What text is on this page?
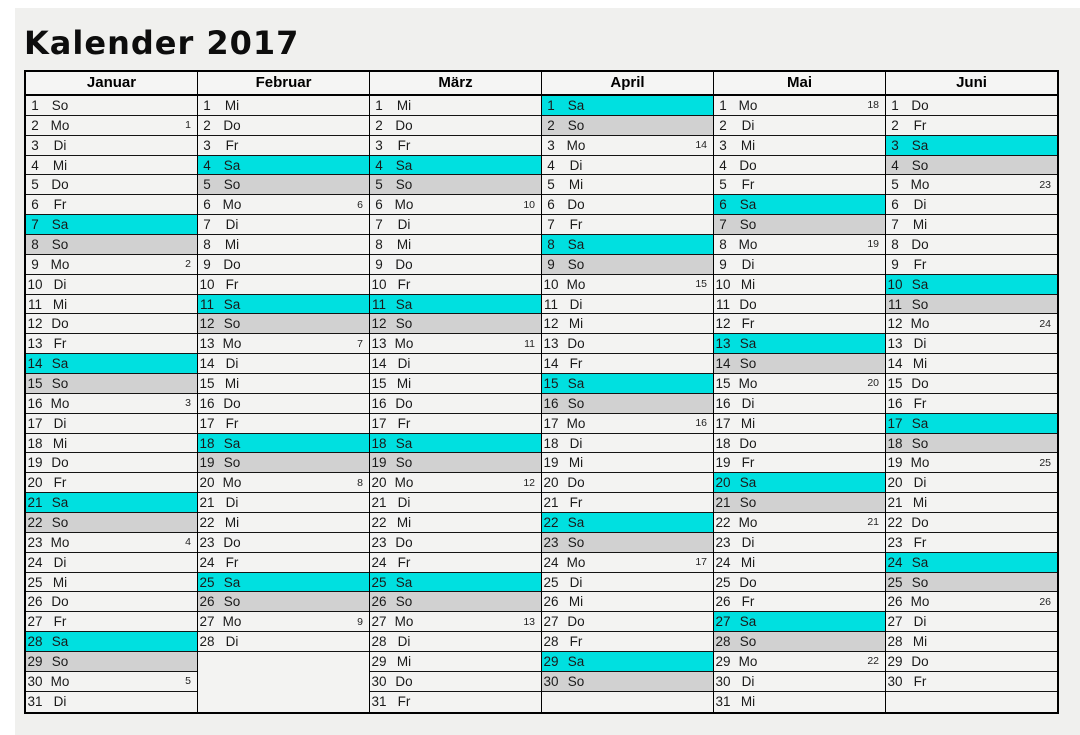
Kalender 2017
Januar
1 So
2 Mo	1
3	Di
4	Mi
5 Do
6	Fr
7 Sa
8 So
9 Mo	2
10 Di
11 Mi
12 Do
13 Fr
14 Sa
15 So
16 Mo	3
17 Di
18 Mi
19 Do
20 Fr
21 Sa
22 So
23 Mo	4
24 Di
25 Mi
26 Do
27 Fr
28 Sa
29 So
30 Mo	5
31 Di
Februar
1	Mi
2 Do
3	Fr
4 Sa
5 So
6 Mo	6
7	Di
8	Mi
9 Do
10 Fr
11 Sa
12 So
13 Mo	7
14 Di
15 Mi
16 Do
17 Fr
18 Sa
19 So
20 Mo	8
21 Di
22 Mi
23 Do
24 Fr
25 Sa
26 So
27 Mo	9
28 Di
März
1	Mi
2 Do
3	Fr
4 Sa
5 So
6 Mo	10
7	Di
8	Mi
9 Do
10 Fr
11 Sa
12 So
13 Mo	11
14 Di
15 Mi
16 Do
17 Fr
18 Sa
19 So
20 Mo	12
21 Di
22 Mi
23 Do
24 Fr
25 Sa
26 So
27 Mo	13
28 Di
29 Mi
30 Do
31 Fr
April
1 Sa
2 So
3 Mo	14
4	Di
5	Mi
6 Do
7	Fr
8 Sa
9 So
10 Mo	15
11 Di
12 Mi
13 Do
14 Fr
15 Sa
16 So
17 Mo	16
18 Di
19 Mi
20 Do
21 Fr
22 Sa
23 So
24 Mo	17
25 Di
26 Mi
27 Do
28 Fr
29 Sa
30 So
Mai
1 Mo	18
2	Di
3	Mi
4 Do
5	Fr
6 Sa
7 So
8 Mo	19
9	Di
10 Mi
11 Do
12 Fr
13 Sa
14 So
15 Mo	20
16 Di
17 Mi
18 Do
19 Fr
20 Sa
21 So
22 Mo	21
23 Di
24 Mi
25 Do
26 Fr
27 Sa
28 So
29 Mo	22
30 Di
31 Mi
Juni
1 Do
2	Fr
3 Sa
4 So
5 Mo	23
6	Di
7	Mi
8 Do
9	Fr
10 Sa
11 So
12 Mo	24
13 Di
14 Mi
15 Do
16 Fr
17 Sa
18 So
19 Mo	25
20 Di
21 Mi
22 Do
23 Fr
24 Sa
25 So
26 Mo	26
27 Di
28 Mi
29 Do
30 Fr
